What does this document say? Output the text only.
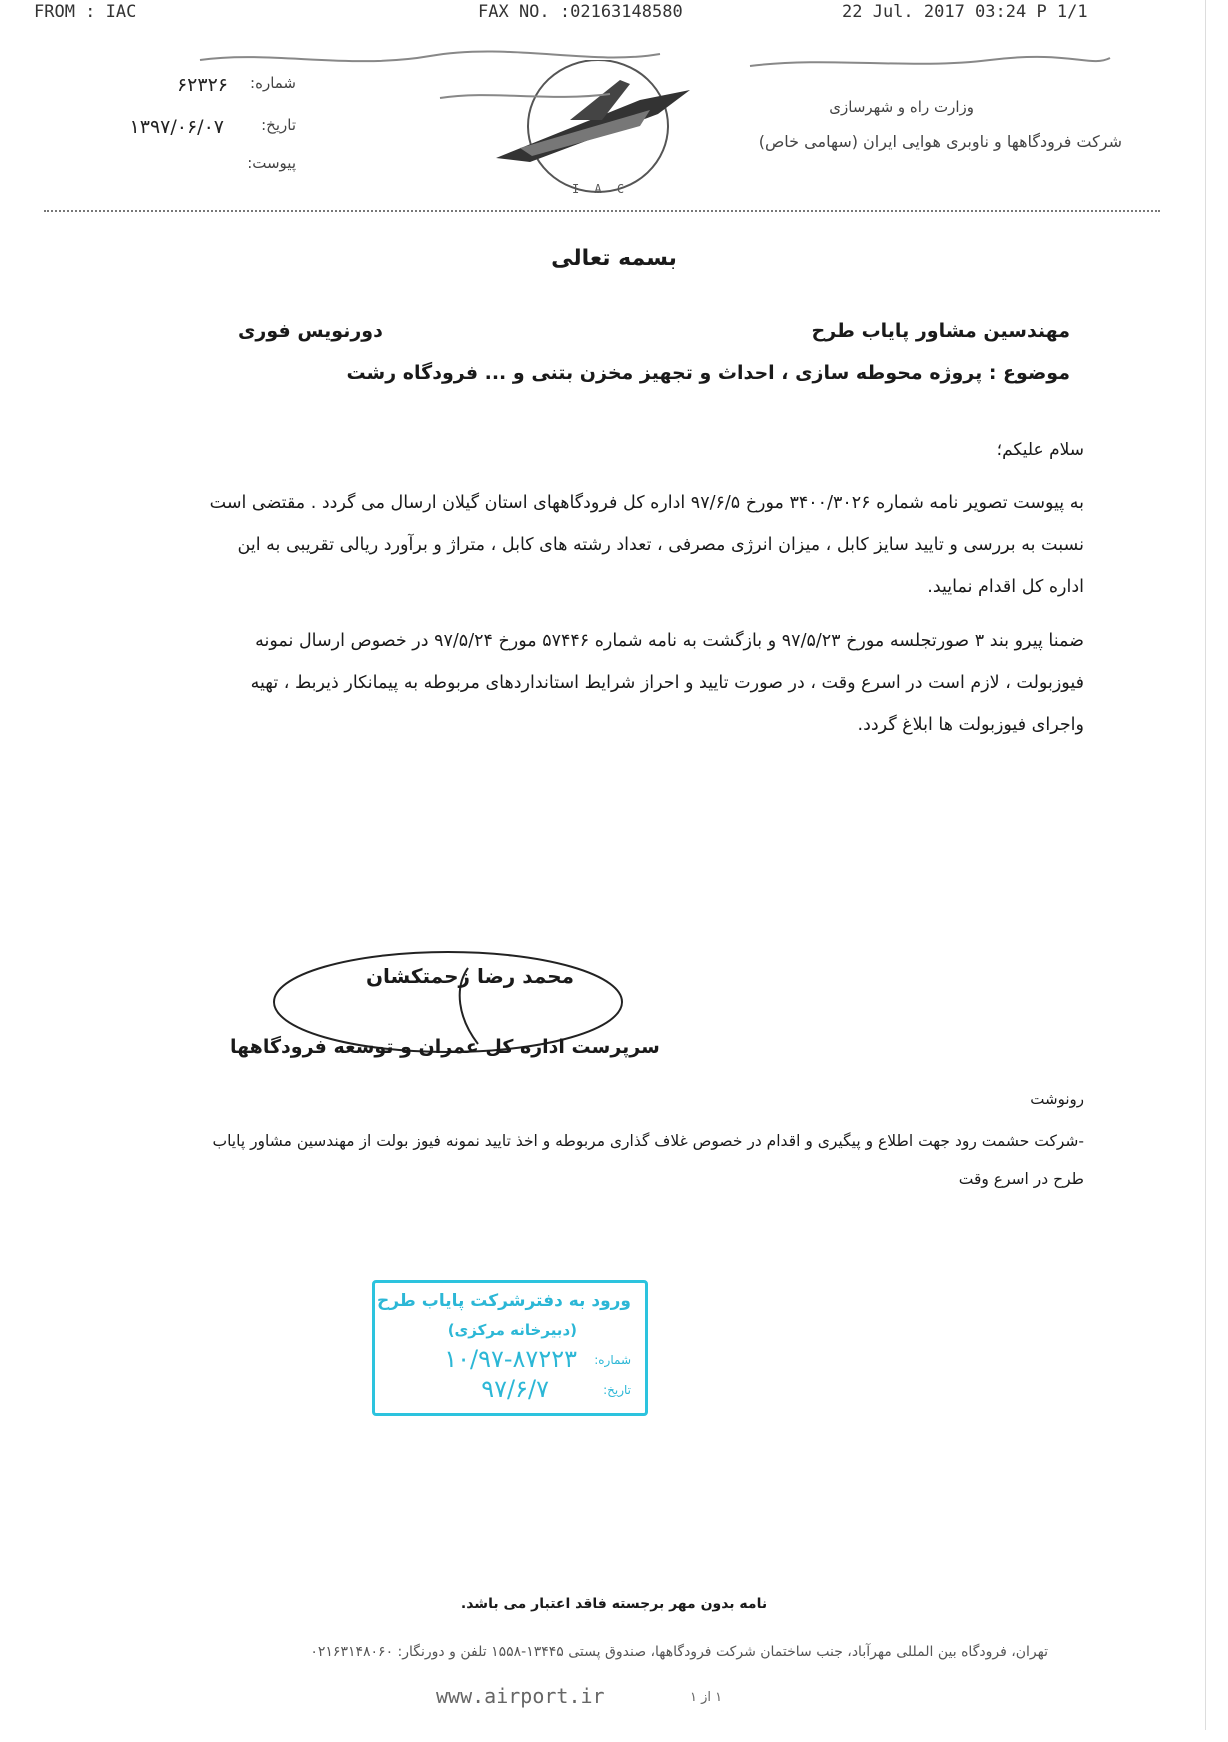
FROM : IAC	FAX NO. :02163148580	22 Jul. 2017 03:24 P 1/1
۶۲۳۲۶	شماره:
۱۳۹۷/۰۶/۰۷	تاریخ:
پیوست:
I A C
وزارت راه و شهرسازی
شرکت فرودگاهها و ناوبری هوایی ایران (سهامی خاص)
بسمه تعالی
مهندسین مشاور پایاب طرح
دورنویس فوری
موضوع : پروژه محوطه سازی ، احداث و تجهیز مخزن بتنی و ... فرودگاه رشت
سلام علیکم؛
به پیوست تصویر نامه شماره ۳۴۰۰/۳۰۲۶ مورخ ۹۷/۶/۵ اداره کل فرودگاههای استان گیلان ارسال می گردد . مقتضی است نسبت به بررسی و تایید سایز کابل ، میزان انرژی مصرفی ، تعداد رشته های کابل ، متراژ و برآورد ریالی تقریبی به این اداره کل اقدام نمایید.
ضمنا پیرو بند ۳ صورتجلسه مورخ ۹۷/۵/۲۳ و بازگشت به نامه شماره ۵۷۴۴۶ مورخ ۹۷/۵/۲۴ در خصوص ارسال نمونه فیوزبولت ، لازم است در اسرع وقت ، در صورت تایید و احراز شرایط استانداردهای مربوطه به پیمانکار ذیربط ، تهیه واجرای فیوزبولت ها ابلاغ گردد.
محمد رضا زحمتکشان
سرپرست اداره کل عمران و توسعه فرودگاهها
رونوشت
-شرکت حشمت رود جهت اطلاع و پیگیری و اقدام در خصوص غلاف گذاری مربوطه و اخذ تایید نمونه فیوز بولت از مهندسین مشاور پایاب طرح در اسرع وقت
ورود به دفترشرکت پایاب طرح
(دبیرخانه مرکزی)
شماره:
۱۰/۹۷-۸۷۲۲۳
تاریخ:
۹۷/۶/۷
نامه بدون مهر برجسته فاقد اعتبار می باشد.
تهران، فرودگاه بین المللی مهرآباد، جنب ساختمان شرکت فرودگاهها، صندوق پستی ۱۳۴۴۵-۱۵۵۸ تلفن و دورنگار: ۰۲۱۶۳۱۴۸۰۶۰
www.airport.ir	۱ از ۱
